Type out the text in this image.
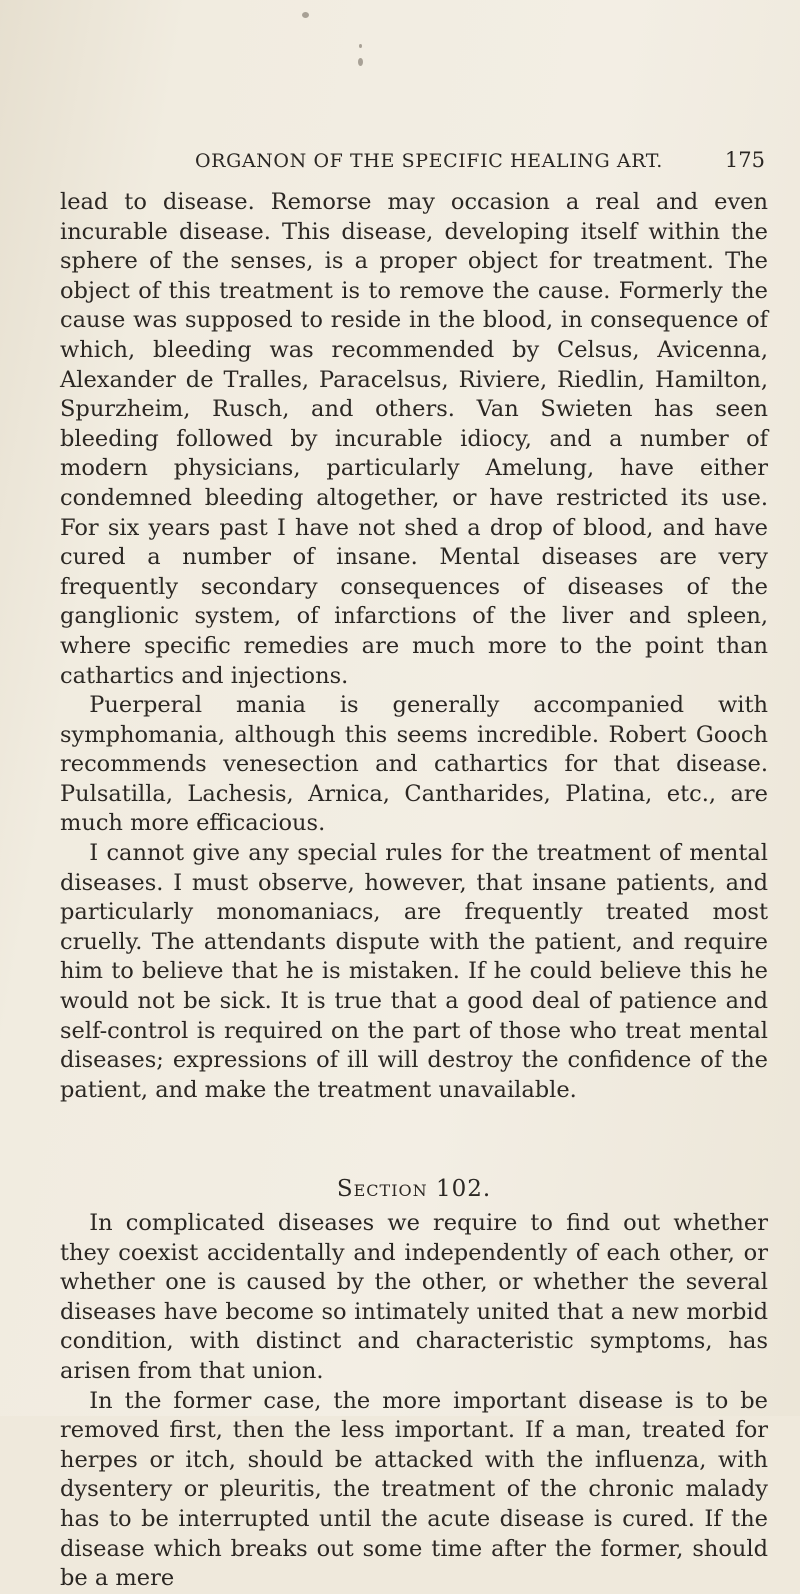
ORGANON OF THE SPECIFIC HEALING ART.	175

lead to disease. Remorse may occasion a real and even incurable disease. This disease, developing itself within the sphere of the senses, is a proper object for treatment. The object of this treatment is to remove the cause. Formerly the cause was supposed to reside in the blood, in consequence of which, bleeding was recommended by Celsus, Avicenna, Alexander de Tralles, Paracelsus, Riviere, Riedlin, Hamilton, Spurzheim, Rusch, and others. Van Swieten has seen bleeding followed by incurable idiocy, and a number of modern physicians, particularly Amelung, have either condemned bleeding altogether, or have restricted its use. For six years past I have not shed a drop of blood, and have cured a number of insane. Mental diseases are very frequently secondary consequences of diseases of the ganglionic system, of infarctions of the liver and spleen, where specific remedies are much more to the point than cathartics and injections.

Puerperal mania is generally accompanied with symphomania, although this seems incredible. Robert Gooch recommends venesection and cathartics for that disease. Pulsatilla, Lachesis, Arnica, Cantharides, Platina, etc., are much more efficacious.

I cannot give any special rules for the treatment of mental diseases. I must observe, however, that insane patients, and particularly monomaniacs, are frequently treated most cruelly. The attendants dispute with the patient, and require him to believe that he is mistaken. If he could believe this he would not be sick. It is true that a good deal of patience and self-control is required on the part of those who treat mental diseases; expressions of ill will destroy the confidence of the patient, and make the treatment unavailable.

Section 102.

In complicated diseases we require to find out whether they coexist accidentally and independently of each other, or whether one is caused by the other, or whether the several diseases have become so intimately united that a new morbid condition, with distinct and characteristic symptoms, has arisen from that union.

In the former case, the more important disease is to be removed first, then the less important. If a man, treated for herpes or itch, should be attacked with the influenza, with dysentery or pleuritis, the treatment of the chronic malady has to be interrupted until the acute disease is cured. If the disease which breaks out some time after the former, should be a mere
